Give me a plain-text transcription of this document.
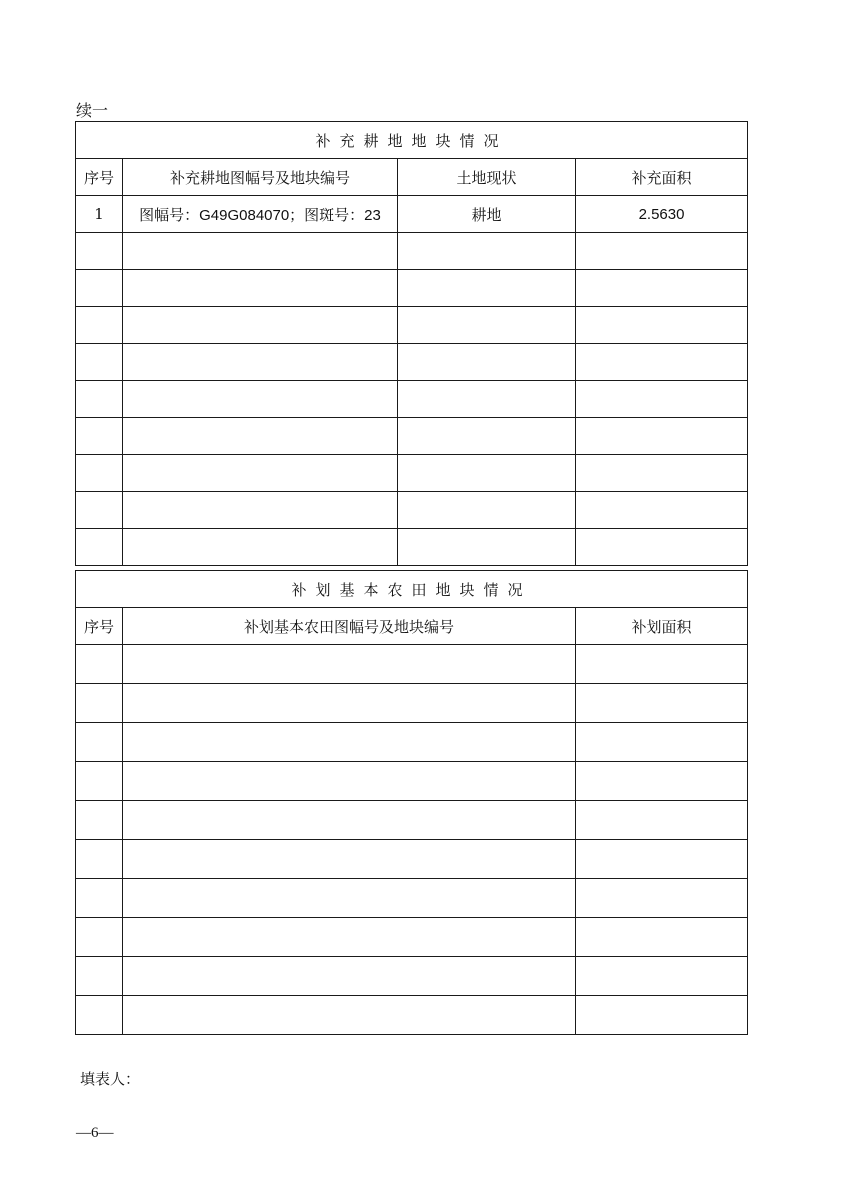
续一
补充耕地地块情况			
序号	补充耕地图幅号及地块编号	土地现状	补充面积
1	图幅号：G49G084070；图斑号：23	耕地	2.5630

补划基本农田地块情况		
序号	补划基本农田图幅号及地块编号	补划面积

填表人：
—6—
